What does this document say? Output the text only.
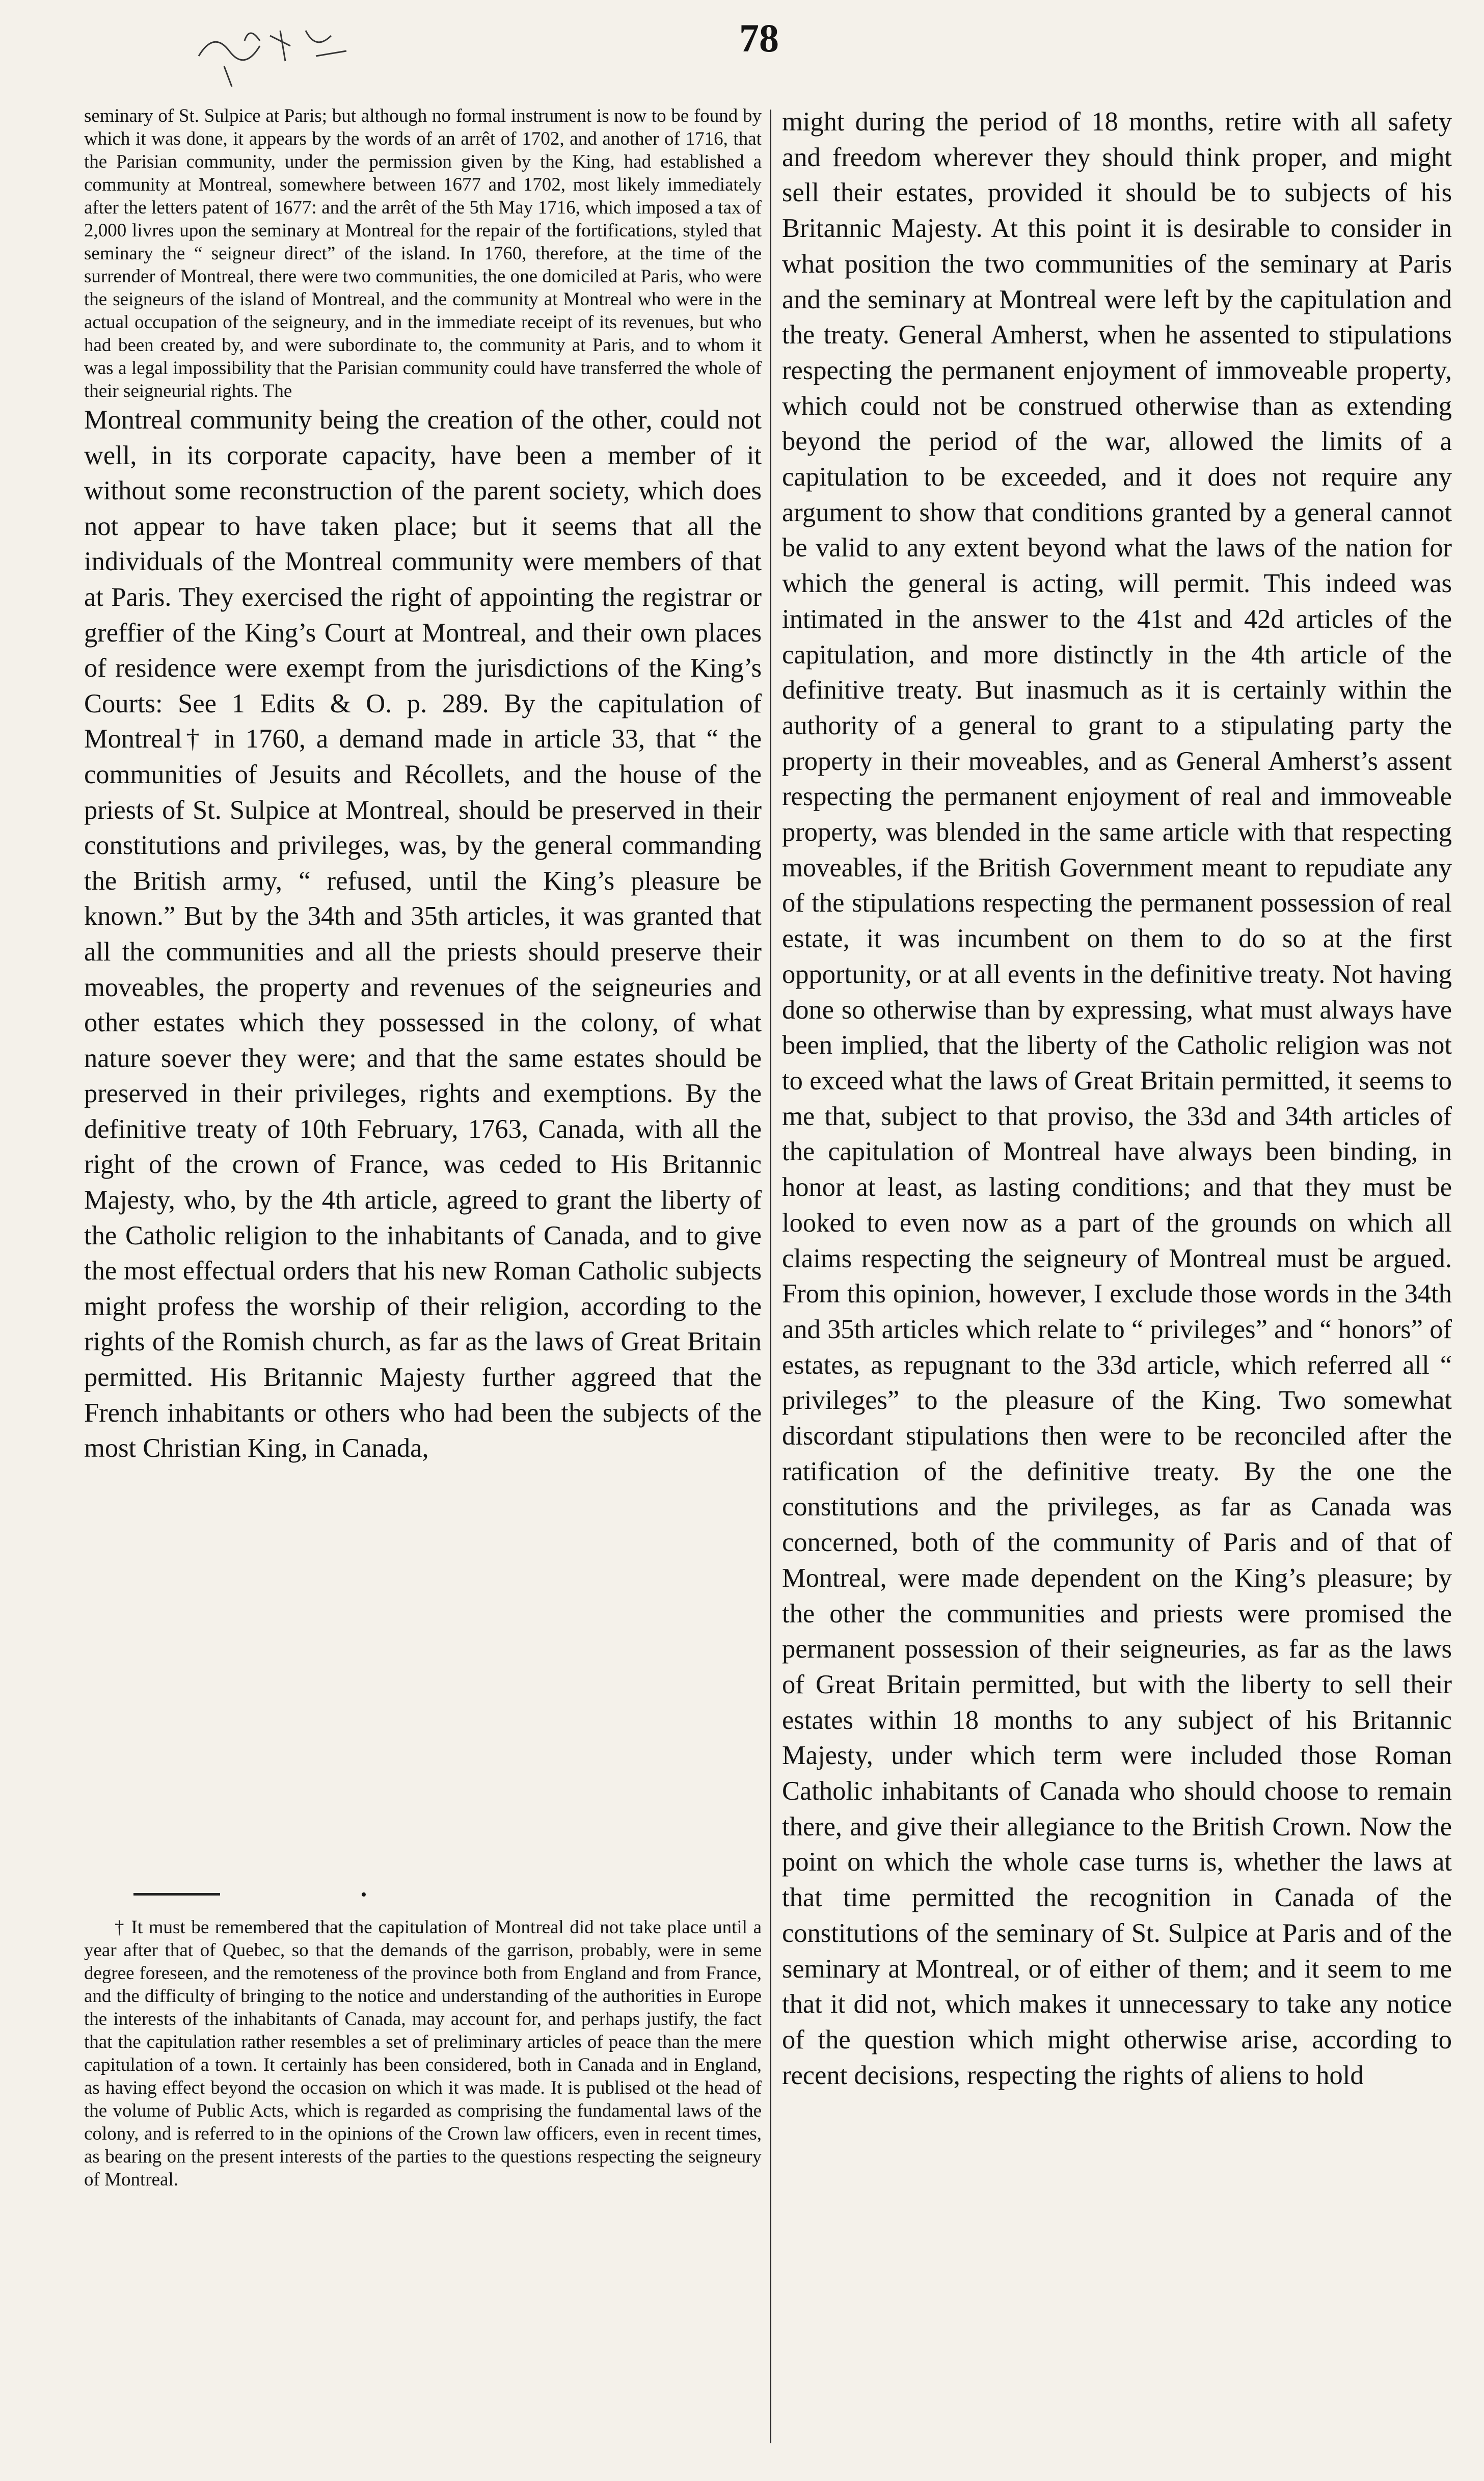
78

seminary of St. Sulpice at Paris; but although no formal instrument is now to be found by which it was done, it appears by the words of an arrêt of 1702, and another of 1716, that the Parisian community, under the permission given by the King, had established a community at Montreal, somewhere between 1677 and 1702, most likely immediately after the letters patent of 1677: and the arrêt of the 5th May 1716, which imposed a tax of 2,000 livres upon the seminary at Montreal for the repair of the fortifications, styled that seminary the “ seigneur direct” of the island. In 1760, therefore, at the time of the surrender of Montreal, there were two communities, the one domiciled at Paris, who were the seigneurs of the island of Montreal, and the community at Montreal who were in the actual occupation of the seigneury, and in the immediate receipt of its revenues, but who had been created by, and were subordinate to, the community at Paris, and to whom it was a legal impossibility that the Parisian community could have transferred the whole of their seigneurial rights. The

Montreal community being the creation of the other, could not well, in its corporate capacity, have been a member of it without some reconstruction of the parent society, which does not appear to have taken place; but it seems that all the individuals of the Montreal community were members of that at Paris. They exercised the right of appointing the registrar or greffier of the King’s Court at Montreal, and their own places of residence were exempt from the jurisdictions of the King’s Courts: See 1 Edits & O. p. 289. By the capitulation of Montreal† in 1760, a demand made in article 33, that “ the communities of Jesuits and Récollets, and the house of the priests of St. Sulpice at Montreal, should be preserved in their constitutions and privileges, was, by the general commanding the British army, “ refused, until the King’s pleasure be known.” But by the 34th and 35th articles, it was granted that all the communities and all the priests should preserve their moveables, the property and revenues of the seigneuries and other estates which they possessed in the colony, of what nature soever they were; and that the same estates should be preserved in their privileges, rights and exemptions. By the definitive treaty of 10th February, 1763, Canada, with all the right of the crown of France, was ceded to His Britannic Majesty, who, by the 4th article, agreed to grant the liberty of the Catholic religion to the inhabitants of Canada, and to give the most effectual orders that his new Roman Catholic subjects might profess the worship of their religion, according to the rights of the Romish church, as far as the laws of Great Britain permitted. His Britannic Majesty further aggreed that the French inhabitants or others who had been the subjects of the most Christian King, in Canada,

•

† It must be remembered that the capitulation of Montreal did not take place until a year after that of Quebec, so that the demands of the garrison, probably, were in seme degree foreseen, and the remoteness of the province both from England and from France, and the difficulty of bringing to the notice and understanding of the authorities in Europe the interests of the inhabitants of Canada, may account for, and perhaps justify, the fact that the capitulation rather resembles a set of preliminary articles of peace than the mere capitulation of a town. It certainly has been considered, both in Canada and in England, as having effect beyond the occasion on which it was made. It is publised ot the head of the volume of Public Acts, which is regarded as comprising the fundamental laws of the colony, and is referred to in the opinions of the Crown law officers, even in recent times, as bearing on the present interests of the parties to the questions respecting the seigneury of Montreal.

might during the period of 18 months, retire with all safety and freedom wherever they should think proper, and might sell their estates, provided it should be to subjects of his Britannic Majesty. At this point it is desirable to consider in what position the two communities of the seminary at Paris and the seminary at Montreal were left by the capitulation and the treaty. General Amherst, when he assented to stipulations respecting the permanent enjoyment of immoveable property, which could not be construed otherwise than as extending beyond the period of the war, allowed the limits of a capitulation to be exceeded, and it does not require any argument to show that conditions granted by a general cannot be valid to any extent beyond what the laws of the nation for which the general is acting, will permit. This indeed was intimated in the answer to the 41st and 42d articles of the capitulation, and more distinctly in the 4th article of the definitive treaty. But inasmuch as it is certainly within the authority of a general to grant to a stipulating party the property in their moveables, and as General Amherst’s assent respecting the permanent enjoyment of real and immoveable property, was blended in the same article with that respecting moveables, if the British Government meant to repudiate any of the stipulations respecting the permanent possession of real estate, it was incumbent on them to do so at the first opportunity, or at all events in the definitive treaty. Not having done so otherwise than by expressing, what must always have been implied, that the liberty of the Catholic religion was not to exceed what the laws of Great Britain permitted, it seems to me that, subject to that proviso, the 33d and 34th articles of the capitulation of Montreal have always been binding, in honor at least, as lasting conditions; and that they must be looked to even now as a part of the grounds on which all claims respecting the seigneury of Montreal must be argued. From this opinion, however, I exclude those words in the 34th and 35th articles which relate to “ privileges” and “ honors” of estates, as repugnant to the 33d article, which referred all “ privileges” to the pleasure of the King. Two somewhat discordant stipulations then were to be reconciled after the ratification of the definitive treaty. By the one the constitutions and the privileges, as far as Canada was concerned, both of the community of Paris and of that of Montreal, were made dependent on the King’s pleasure; by the other the communities and priests were promised the permanent possession of their seigneuries, as far as the laws of Great Britain permitted, but with the liberty to sell their estates within 18 months to any subject of his Britannic Majesty, under which term were included those Roman Catholic inhabitants of Canada who should choose to remain there, and give their allegiance to the British Crown. Now the point on which the whole case turns is, whether the laws at that time permitted the recognition in Canada of the constitutions of the seminary of St. Sulpice at Paris and of the seminary at Montreal, or of either of them; and it seem to me that it did not, which makes it unnecessary to take any notice of the question which might otherwise arise, according to recent decisions, respecting the rights of aliens to hold
